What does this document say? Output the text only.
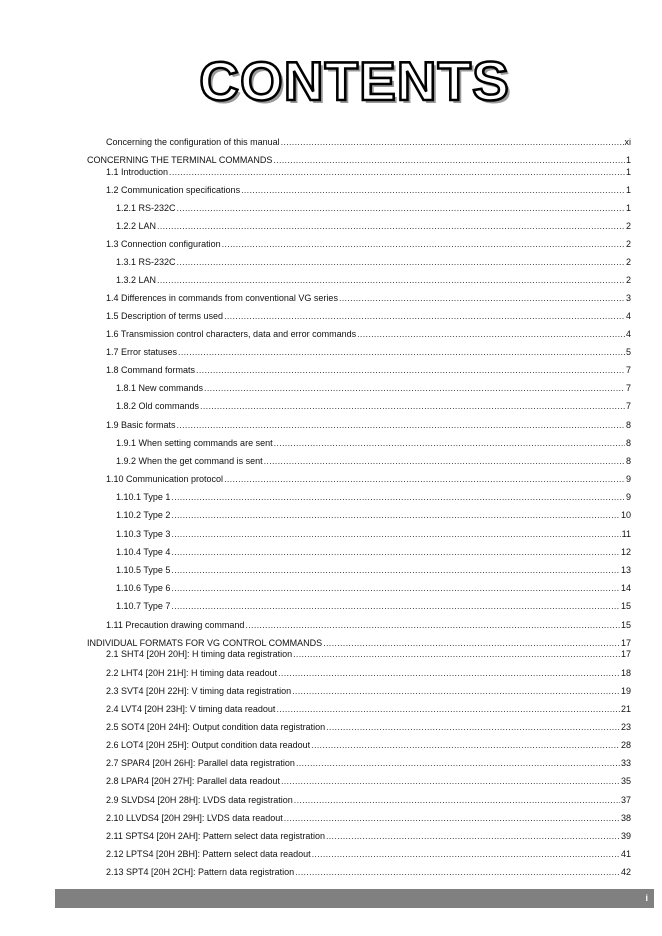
CONTENTS
Concerning the configuration of this manual .....	xi
CONCERNING THE TERMINAL COMMANDS .....	1
1.1 Introduction .....	1
1.2 Communication specifications .....	1
1.2.1 RS-232C .....	1
1.2.2 LAN .....	2
1.3 Connection configuration .....	2
1.3.1 RS-232C .....	2
1.3.2 LAN .....	2
1.4 Differences in commands from conventional VG series .....	3
1.5 Description of terms used .....	4
1.6 Transmission control characters, data and error commands .....	4
1.7 Error statuses .....	5
1.8 Command formats .....	7
1.8.1 New commands .....	7
1.8.2 Old commands .....	7
1.9 Basic formats .....	8
1.9.1 When setting commands are sent .....	8
1.9.2 When the get command is sent .....	8
1.10 Communication protocol .....	9
1.10.1 Type 1 .....	9
1.10.2 Type 2 .....	10
1.10.3 Type 3 .....	11
1.10.4 Type 4 .....	12
1.10.5 Type 5 .....	13
1.10.6 Type 6 .....	14
1.10.7 Type 7 .....	15
1.11 Precaution drawing command .....	15
INDIVIDUAL FORMATS FOR VG CONTROL COMMANDS .....	17
2.1 SHT4 [20H 20H]: H timing data registration .....	17
2.2 LHT4 [20H 21H]: H timing data readout .....	18
2.3 SVT4 [20H 22H]: V timing data registration .....	19
2.4 LVT4 [20H 23H]: V timing data readout .....	21
2.5 SOT4 [20H 24H]: Output condition data registration .....	23
2.6 LOT4 [20H 25H]: Output condition data readout .....	28
2.7 SPAR4 [20H 26H]: Parallel data registration .....	33
2.8 LPAR4 [20H 27H]: Parallel data readout .....	35
2.9 SLVDS4 [20H 28H]: LVDS data registration .....	37
2.10 LLVDS4 [20H 29H]: LVDS data readout .....	38
2.11 SPTS4 [20H 2AH]: Pattern select data registration .....	39
2.12 LPTS4 [20H 2BH]: Pattern select data readout .....	41
2.13 SPT4 [20H 2CH]: Pattern data registration .....	42
i
